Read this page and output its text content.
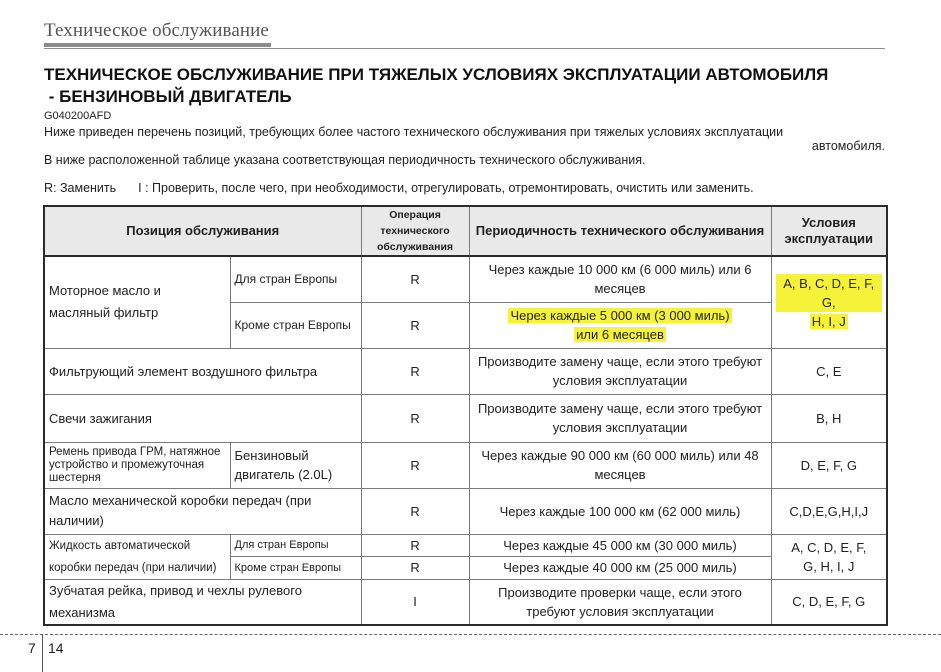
Техническое обслуживание
ТЕХНИЧЕСКОЕ ОБСЛУЖИВАНИЕ ПРИ ТЯЖЕЛЫХ УСЛОВИЯХ ЭКСПЛУАТАЦИИ АВТОМОБИЛЯ
- БЕНЗИНОВЫЙ ДВИГАТЕЛЬ
G040200AFD
Ниже приведен перечень позиций, требующих более частого технического обслуживания при тяжелых условиях эксплуатации
автомобиля.
В ниже расположенной таблице указана соответствующая периодичность технического обслуживания.
R: Заменить I : Проверить, после чего, при необходимости, отрегулировать, отремонтировать, очистить или заменить.
Позиция обслуживания		Операция технического обслуживания	Периодичность технического обслуживания	Условия эксплуатации
Моторное масло и масляный фильтр	Для стран Европы	R	Через каждые 10 000 км (6 000 миль) или 6 месяцев	A, B, C, D, E, F, G,
H, I, J
	Кроме стран Европы	R	Через каждые 5 000 км (3 000 миль)
или 6 месяцев	
Фильтрующий элемент воздушного фильтра		R	Производите замену чаще, если этого требуют условия эксплуатации	C, E
Свечи зажигания		R	Производите замену чаще, если этого требуют условия эксплуатации	B, H
Ремень привода ГРМ, натяжное устройство и промежуточная шестерня	Бензиновый двигатель (2.0L)	R	Через каждые 90 000 км (60 000 миль) или 48 месяцев	D, E, F, G
Масло механической коробки передач (при наличии)		R	Через каждые 100 000 км (62 000 миль)	C,D,E,G,H,I,J
Жидкость автоматической коробки передач (при наличии)	Для стран Европы	R	Через каждые 45 000 км (30 000 миль)	A, C, D, E, F,
G, H, I, J
	Кроме стран Европы	R	Через каждые 40 000 км (25 000 миль)	
Зубчатая рейка, привод и чехлы рулевого механизма		I	Производите проверки чаще, если этого требуют условия эксплуатации	C, D, E, F, G
7 14
